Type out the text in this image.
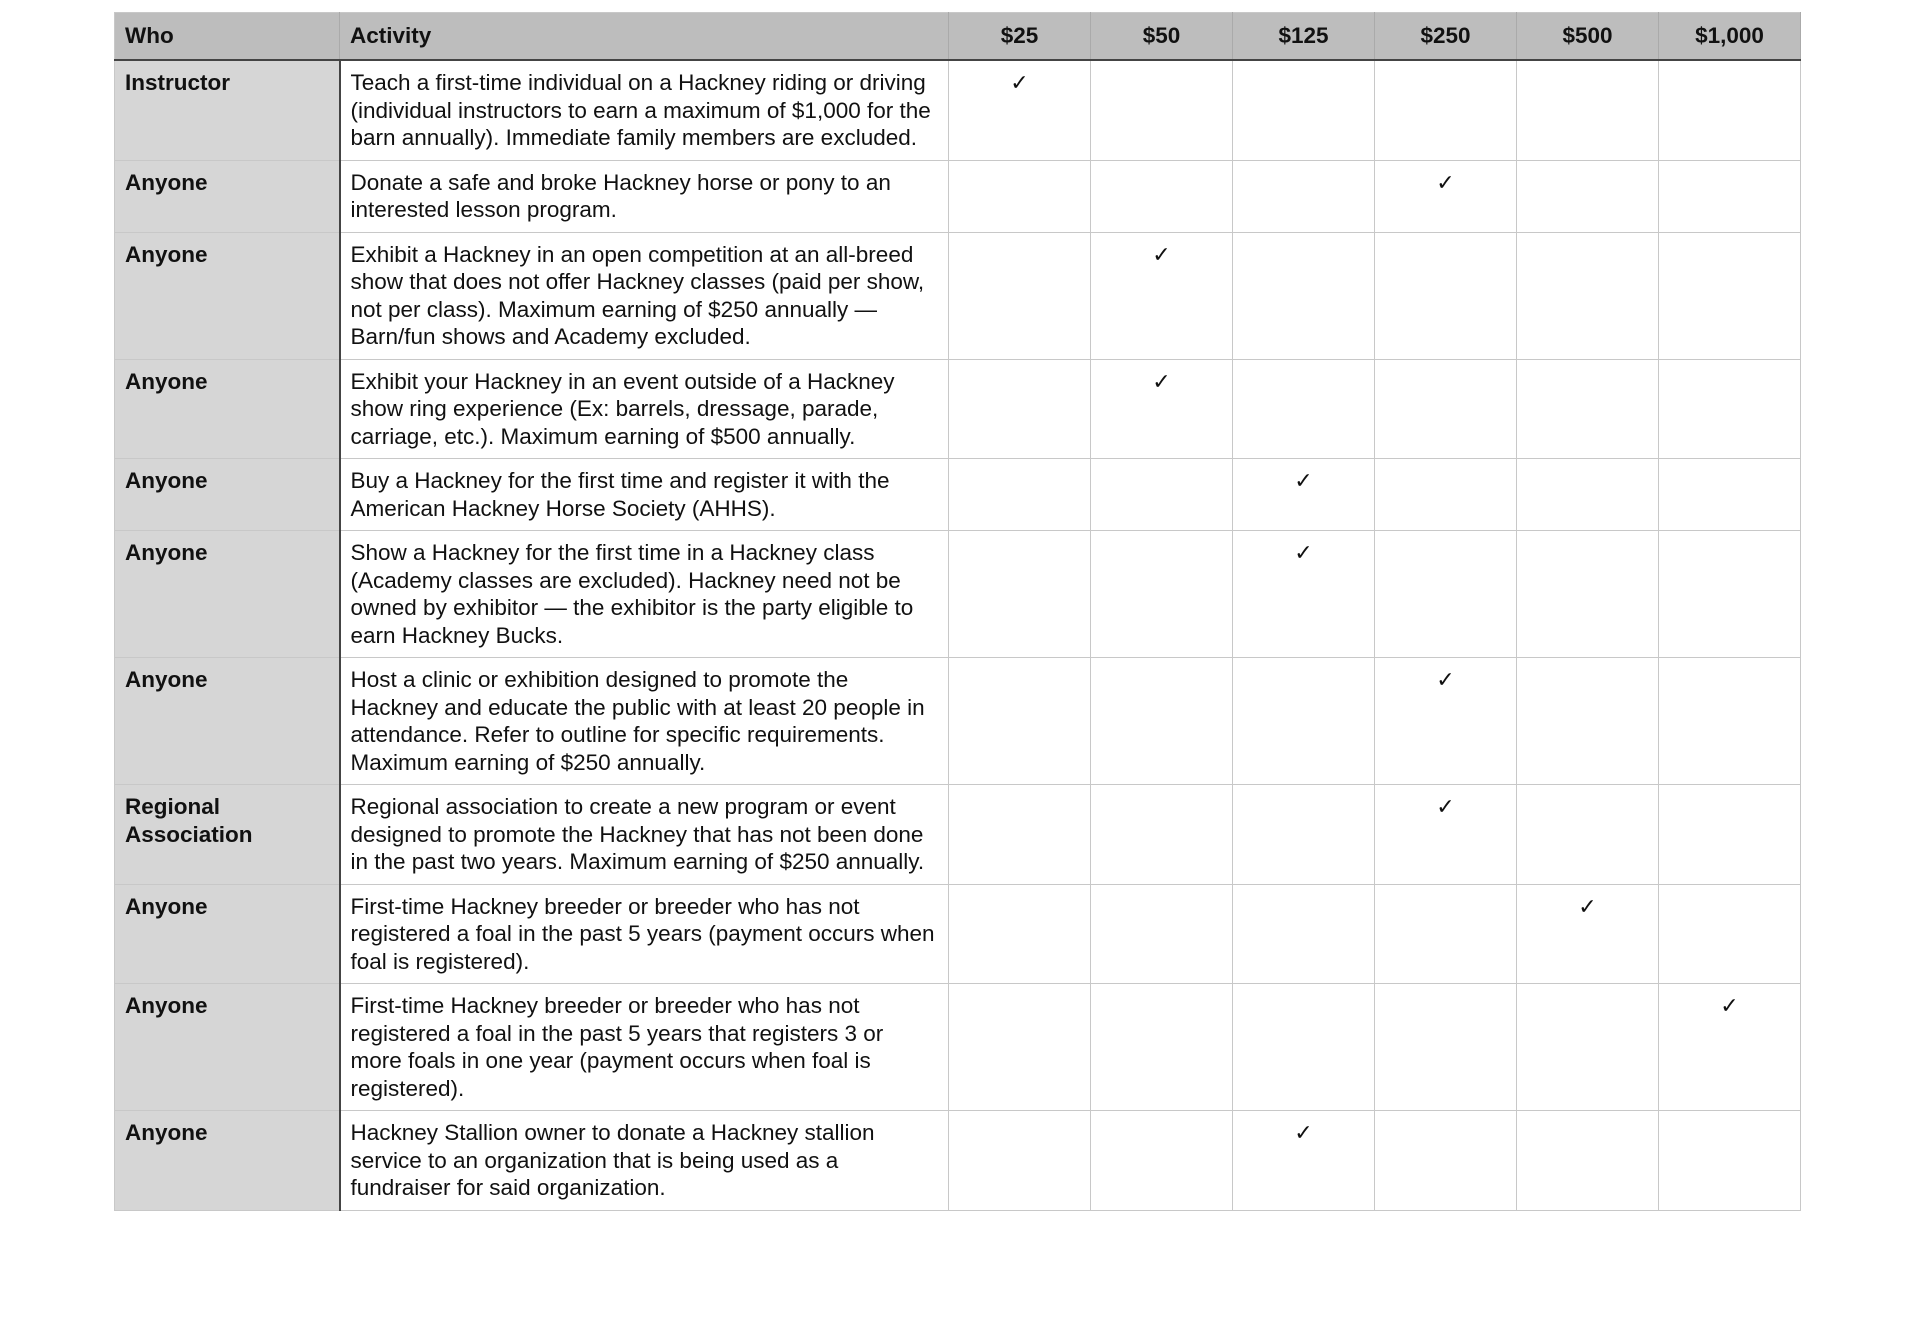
Who	Activity	$25	$50	$125	$250	$500	$1,000
Instructor	Teach a first-time individual on a Hackney riding or driving (individual instructors to earn a maximum of $1,000 for the barn annually). Immediate family members are excluded.	✓					
Anyone	Donate a safe and broke Hackney horse or pony to an interested lesson program.				✓		
Anyone	Exhibit a Hackney in an open competition at an all-breed show that does not offer Hackney classes (paid per show, not per class). Maximum earning of $250 annually — Barn/fun shows and Academy excluded.		✓				
Anyone	Exhibit your Hackney in an event outside of a Hackney show ring experience (Ex: barrels, dressage, parade, carriage, etc.). Maximum earning of $500 annually.		✓				
Anyone	Buy a Hackney for the first time and register it with the American Hackney Horse Society (AHHS).			✓			
Anyone	Show a Hackney for the first time in a Hackney class (Academy classes are excluded). Hackney need not be owned by exhibitor — the exhibitor is the party eligible to earn Hackney Bucks.			✓			
Anyone	Host a clinic or exhibition designed to promote the Hackney and educate the public with at least 20 people in attendance. Refer to outline for specific requirements. Maximum earning of $250 annually.				✓		
Regional Association	Regional association to create a new program or event designed to promote the Hackney that has not been done in the past two years. Maximum earning of $250 annually.				✓		
Anyone	First-time Hackney breeder or breeder who has not registered a foal in the past 5 years (payment occurs when foal is registered).					✓	
Anyone	First-time Hackney breeder or breeder who has not registered a foal in the past 5 years that registers 3 or more foals in one year (payment occurs when foal is registered).						✓
Anyone	Hackney Stallion owner to donate a Hackney stallion service to an organization that is being used as a fundraiser for said organization.			✓			
